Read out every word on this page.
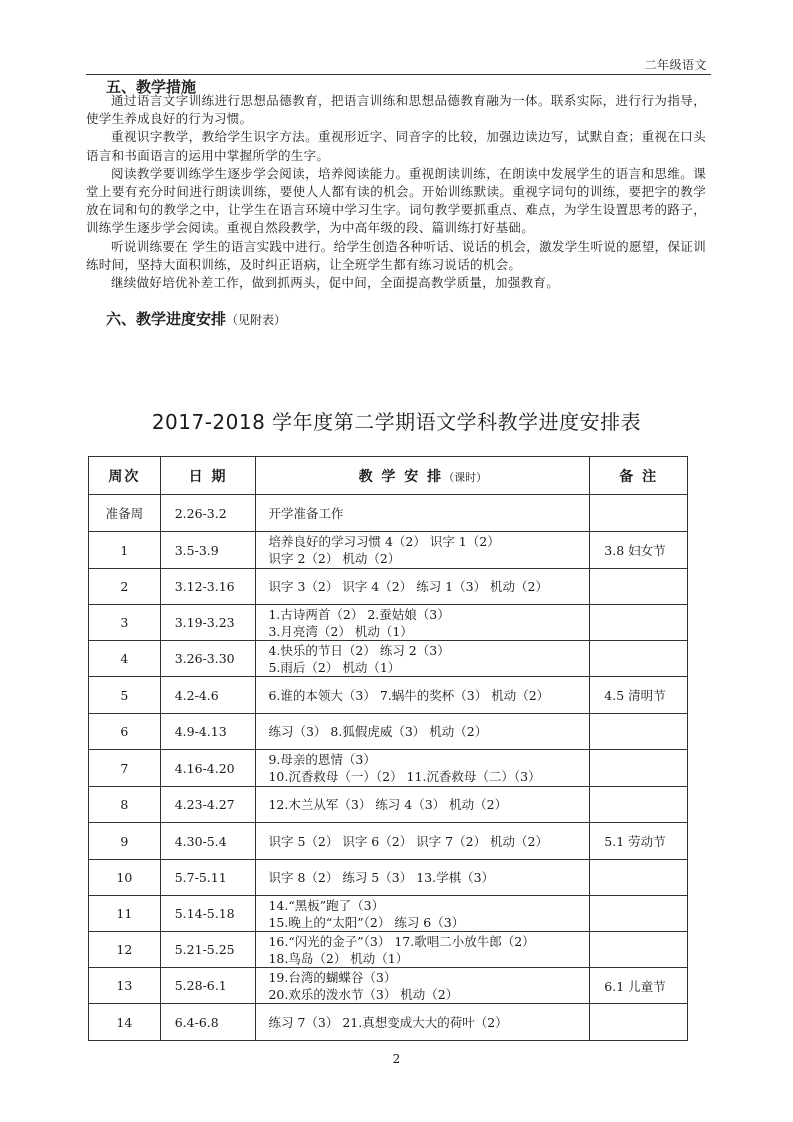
二年级语文
五、教学措施

通过语言文字训练进行思想品德教育，把语言训练和思想品德教育融为一体。联系实际，进行行为指导，使学生养成良好的行为习惯。

重视识字教学，教给学生识字方法。重视形近字、同音字的比较，加强边读边写，试默自查；重视在口头语言和书面语言的运用中掌握所学的生字。

阅读教学要训练学生逐步学会阅读，培养阅读能力。重视朗读训练，在朗读中发展学生的语言和思维。课堂上要有充分时间进行朗读训练，要使人人都有读的机会。开始训练默读。重视字词句的训练，要把字的教学放在词和句的教学之中，让学生在语言环境中学习生字。词句教学要抓重点、难点，为学生设置思考的路子，训练学生逐步学会阅读。重视自然段教学，为中高年级的段、篇训练打好基础。

听说训练要在 学生的语言实践中进行。给学生创造各种听话、说话的机会，激发学生听说的愿望，保证训练时间，坚持大面积训练，及时纠正语病，让全班学生都有练习说话的机会。

继续做好培优补差工作，做到抓两头，促中间，全面提高教学质量，加强教育。

六、教学进度安排（见附表）
2017-2018 学年度第二学期语文学科教学进度安排表
周次	日 期	教 学 安 排（课时）	备 注
准备周	2.26-3.2	开学准备工作	

1	3.5-3.9	培养良好的学习习惯 4（2） 识字 1（2）
识字 2（2） 机动（2）	3.8 妇女节
2	3.12-3.16	识字 3（2） 识字 4（2） 练习 1（3） 机动（2）	

3	3.19-3.23	1.古诗两首（2） 2.蚕姑娘（3）
3.月亮湾（2） 机动（1）	

4	3.26-3.30	4.快乐的节日（2） 练习 2（3）
5.雨后（2） 机动（1）	

5	4.2-4.6	6.谁的本领大（3） 7.蜗牛的奖杯（3） 机动（2）	4.5 清明节
6	4.9-4.13	练习（3） 8.狐假虎威（3） 机动（2）	

7	4.16-4.20	9.母亲的恩情（3）
10.沉香救母（一）（2） 11.沉香救母（二）（3）	

8	4.23-4.27	12.木兰从军（3） 练习 4（3） 机动（2）	

9	4.30-5.4	识字 5（2） 识字 6（2） 识字 7（2） 机动（2）	5.1 劳动节
10	5.7-5.11	识字 8（2） 练习 5（3） 13.学棋（3）	

11	5.14-5.18	14.“黑板”跑了（3）
15.晚上的“太阳”（2） 练习 6（3）	

12	5.21-5.25	16.“闪光的金子”（3） 17.歌唱二小放牛郎（2）
18.鸟岛（2） 机动（1）	

13	5.28-6.1	19.台湾的蝴蝶谷（3）
20.欢乐的泼水节（3） 机动（2）	6.1 儿童节
14	6.4-6.8	练习 7（3） 21.真想变成大大的荷叶（2）	

2
